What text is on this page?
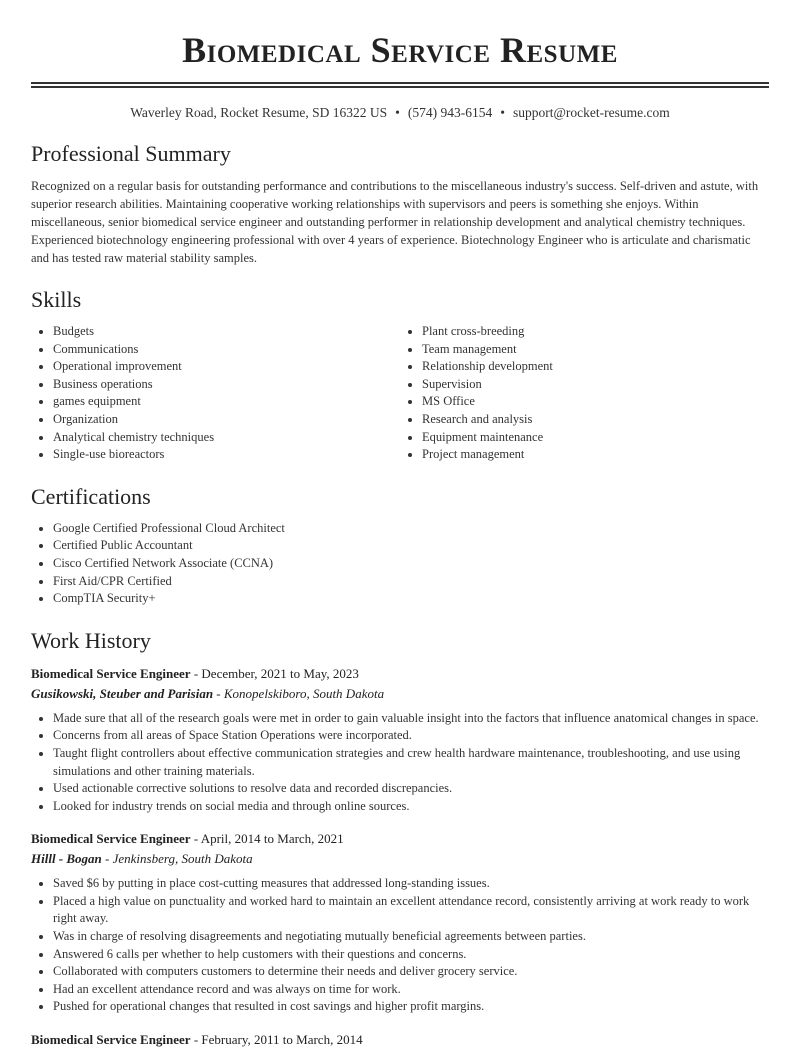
Biomedical Service Resume
Waverley Road, Rocket Resume, SD 16322 US • (574) 943-6154 • support@rocket-resume.com
Professional Summary

Recognized on a regular basis for outstanding performance and contributions to the miscellaneous industry's success. Self-driven and astute, with superior research abilities. Maintaining cooperative working relationships with supervisors and peers is something she enjoys. Within miscellaneous, senior biomedical service engineer and outstanding performer in relationship development and analytical chemistry techniques. Experienced biotechnology engineering professional with over 4 years of experience. Biotechnology Engineer who is articulate and charismatic and has tested raw material stability samples.

Skills
• Budgets
• Communications
• Operational improvement
• Business operations
• games equipment
• Organization
• Analytical chemistry techniques
• Single-use bioreactors
• Plant cross-breeding
• Team management
• Relationship development
• Supervision
• MS Office
• Research and analysis
• Equipment maintenance
• Project management
Certifications
• Google Certified Professional Cloud Architect
• Certified Public Accountant
• Cisco Certified Network Associate (CCNA)
• First Aid/CPR Certified
• CompTIA Security+
Work History
Biomedical Service Engineer - December, 2021 to May, 2023
Gusikowski, Steuber and Parisian - Konopelskiboro, South Dakota
• Made sure that all of the research goals were met in order to gain valuable insight into the factors that influence anatomical changes in space.
• Concerns from all areas of Space Station Operations were incorporated.
• Taught flight controllers about effective communication strategies and crew health hardware maintenance, troubleshooting, and use using simulations and other training materials.
• Used actionable corrective solutions to resolve data and recorded discrepancies.
• Looked for industry trends on social media and through online sources.
Biomedical Service Engineer - April, 2014 to March, 2021
Hilll - Bogan - Jenkinsberg, South Dakota
• Saved $6 by putting in place cost-cutting measures that addressed long-standing issues.
• Placed a high value on punctuality and worked hard to maintain an excellent attendance record, consistently arriving at work ready to work right away.
• Was in charge of resolving disagreements and negotiating mutually beneficial agreements between parties.
• Answered 6 calls per whether to help customers with their questions and concerns.
• Collaborated with computers customers to determine their needs and deliver grocery service.
• Had an excellent attendance record and was always on time for work.
• Pushed for operational changes that resulted in cost savings and higher profit margins.
Biomedical Service Engineer - February, 2011 to March, 2014
